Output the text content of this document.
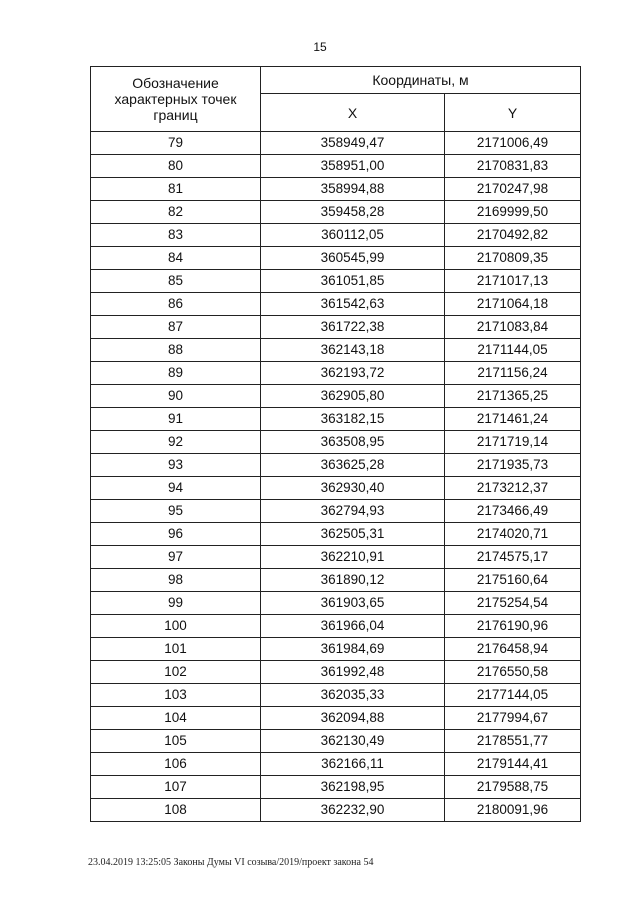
15
Обозначение характерных точек границ	Координаты, м	
	X	Y
79	358949,47	2171006,49
80	358951,00	2170831,83
81	358994,88	2170247,98
82	359458,28	2169999,50
83	360112,05	2170492,82
84	360545,99	2170809,35
85	361051,85	2171017,13
86	361542,63	2171064,18
87	361722,38	2171083,84
88	362143,18	2171144,05
89	362193,72	2171156,24
90	362905,80	2171365,25
91	363182,15	2171461,24
92	363508,95	2171719,14
93	363625,28	2171935,73
94	362930,40	2173212,37
95	362794,93	2173466,49
96	362505,31	2174020,71
97	362210,91	2174575,17
98	361890,12	2175160,64
99	361903,65	2175254,54
100	361966,04	2176190,96
101	361984,69	2176458,94
102	361992,48	2176550,58
103	362035,33	2177144,05
104	362094,88	2177994,67
105	362130,49	2178551,77
106	362166,11	2179144,41
107	362198,95	2179588,75
108	362232,90	2180091,96
23.04.2019 13:25:05 Законы Думы VI созыва/2019/проект закона 54
